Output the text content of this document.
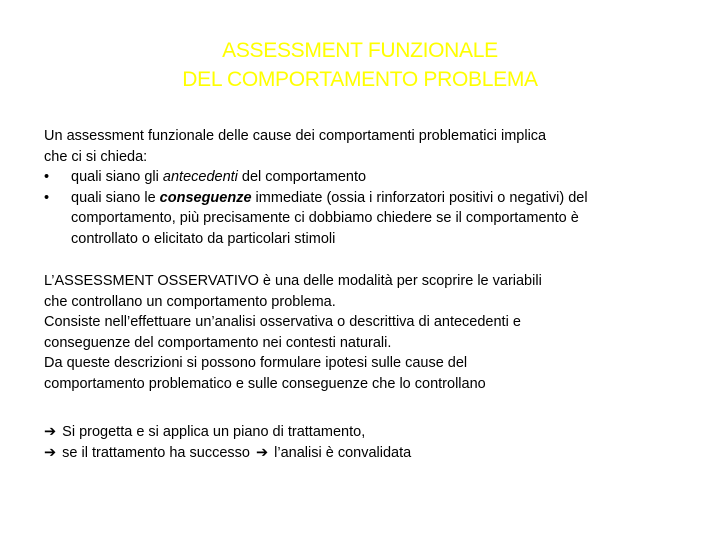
ASSESSMENT FUNZIONALE
DEL COMPORTAMENTO PROBLEMA
Un assessment funzionale delle cause dei comportamenti problematici implica
che ci si chieda:
• quali siano gli antecedenti del comportamento
• quali siano le conseguenze immediate (ossia i rinforzatori positivi o negativi) del
comportamento, più precisamente ci dobbiamo chiedere se il comportamento è
controllato o elicitato da particolari stimoli
L’ASSESSMENT OSSERVATIVO è una delle modalità per scoprire le variabili
che controllano un comportamento problema.
Consiste nell’effettuare un’analisi osservativa o descrittiva di antecedenti e
conseguenze del comportamento nei contesti naturali.
Da queste descrizioni si possono formulare ipotesi sulle cause del
comportamento problematico e sulle conseguenze che lo controllano
➔ Si progetta e si applica un piano di trattamento,
➔ se il trattamento ha successo ➔ l’analisi è convalidata
